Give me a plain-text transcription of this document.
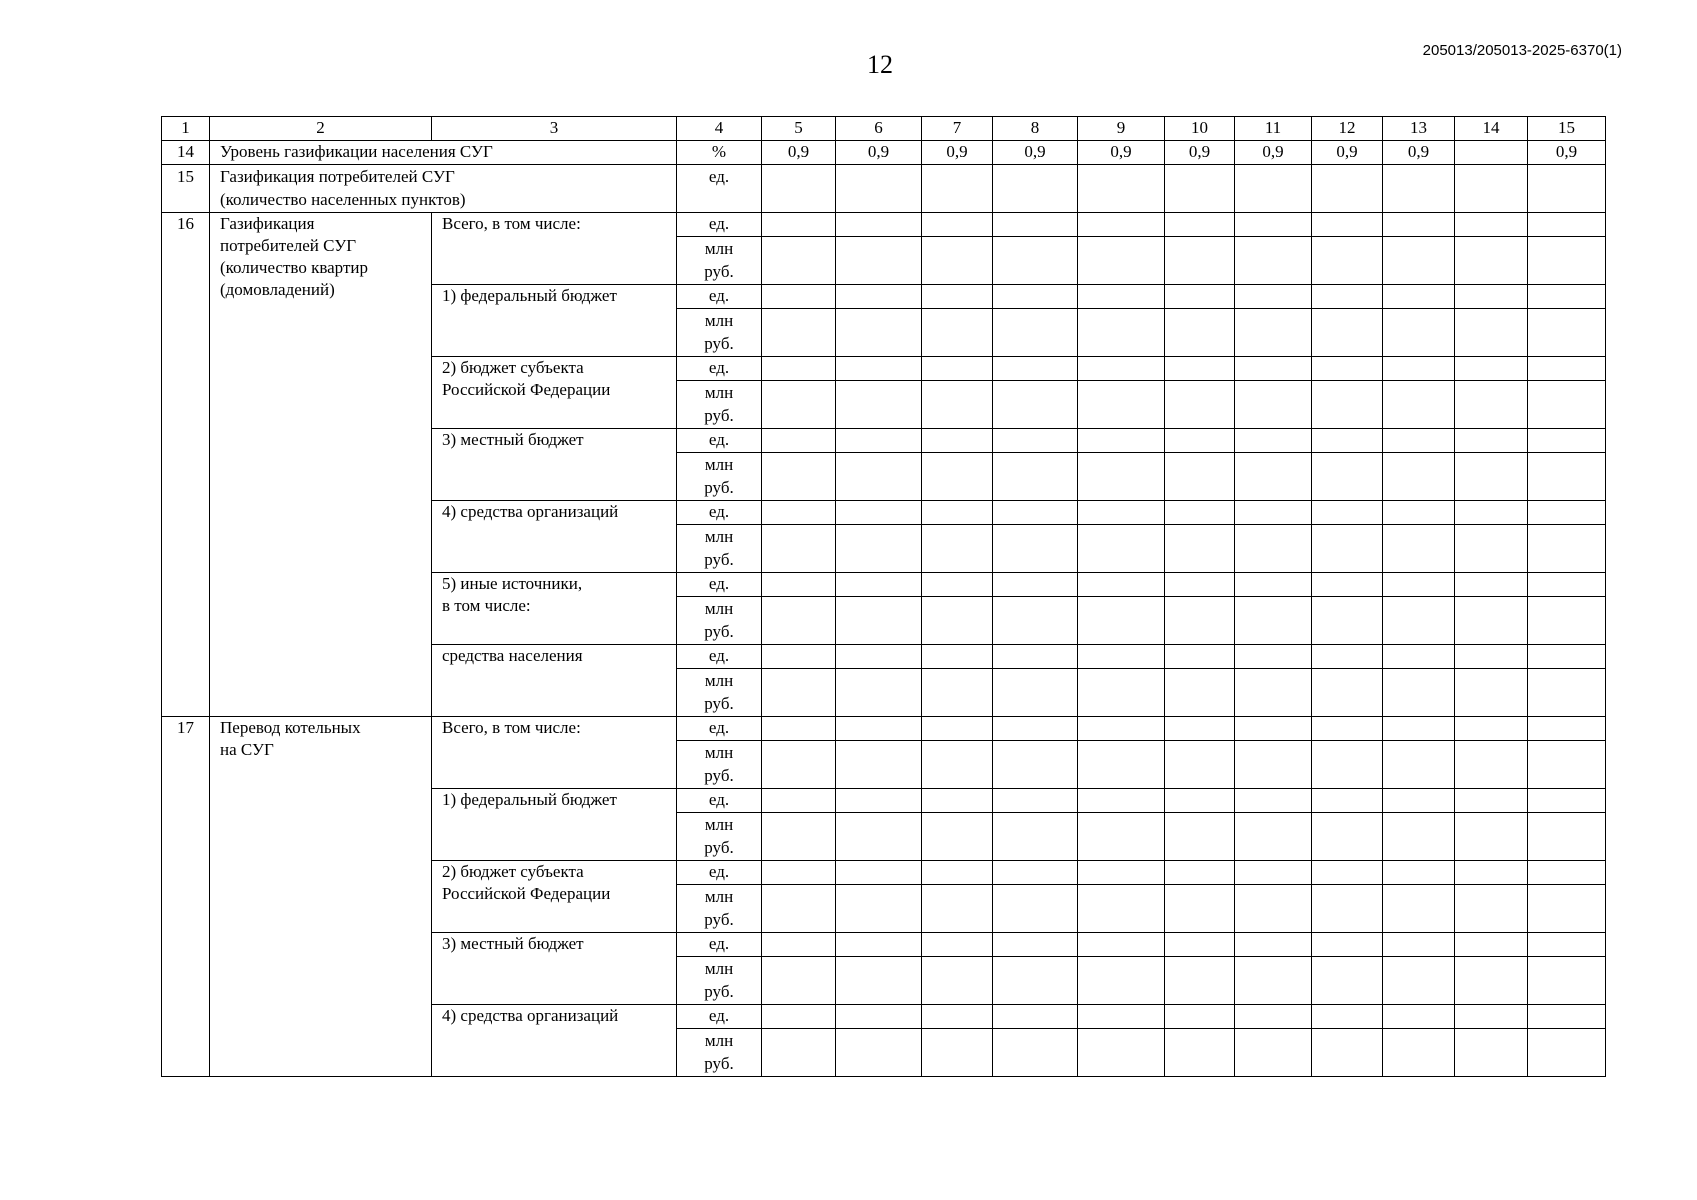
12	205013/205013-2025-6370(1)
1	2	3	4	5	6	7	8	9	10	11	12	13	14	15
14	Уровень газификации населения СУГ		%	0,9	0,9	0,9	0,9	0,9	0,9	0,9	0,9	0,9		0,9
15	Газификация потребителей СУГ
(количество населенных пунктов)		ед.											
16	Газификация
потребителей СУГ
(количество квартир
(домовладений)	Всего, в том числе:	ед.											
			млн
руб.											
		1) федеральный бюджет	ед.											
			млн
руб.											
		2) бюджет субъекта
Российской Федерации	ед.											
			млн
руб.											
		3) местный бюджет	ед.											
			млн
руб.											
		4) средства организаций	ед.											
			млн
руб.											
		5) иные источники,
в том числе:	ед.											
			млн
руб.											
		средства населения	ед.											
			млн
руб.											
17	Перевод котельных
на СУГ	Всего, в том числе:	ед.											
			млн
руб.											
		1) федеральный бюджет	ед.											
			млн
руб.											
		2) бюджет субъекта
Российской Федерации	ед.											
			млн
руб.											
		3) местный бюджет	ед.											
			млн
руб.											
		4) средства организаций	ед.											
			млн
руб.											
